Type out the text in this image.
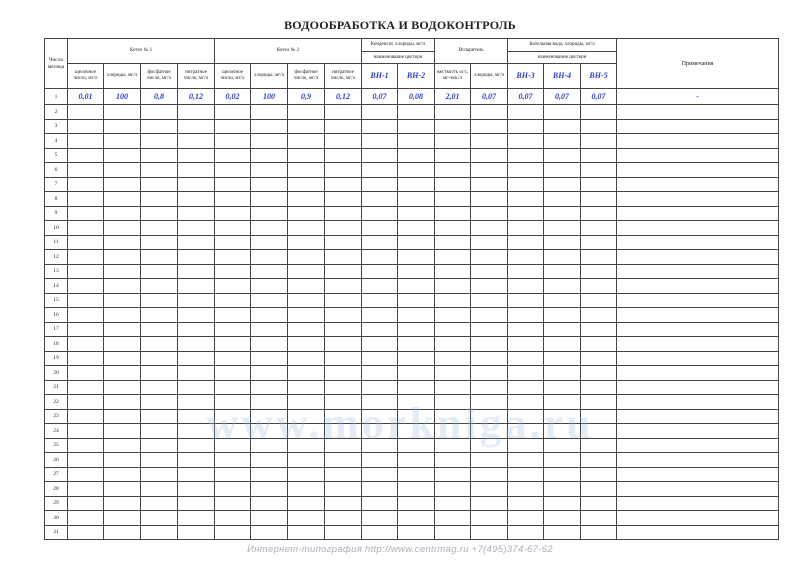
ВОДООБРАБОТКА И ВОДОКОНТРОЛЬ
Число месяца	Котел № 1				Котел № 2				Конденсат, хлориды, мг/л		Испаритель		Котельная вода, хлориды, мг/л			Примечания
									наименование цистерн				наименование цистерн			
	щелочное число, мг/л	хлориды, мг/л	фосфатное число, мг/л	нитратное число, мг/л	щелочное число, мг/л	хлориды, мг/л	фосфатное число, мг/л	нитратное число, мг/л	ВН-1	ВН-2	жесткость ост., мг-экв./л	хлориды, мг/л	ВН-3	ВН-4	ВН-5	
1	0,01	100	0,8	0,12	0,02	100	0,9	0,12	0,07	0,08	2,01	0,07	0,07	0,07	0,07	-
2																
3																
4																
5																
6																
7																
8																
9																
10																
11																
12																
13																
14																
15																
16																
17																
18																
19																
20																
21																
22																
23																
24																
25																
26																
27																
28																
29																
30																
31																
www.morkniga.ru
Интернет-типография http://www.centrmag.ru +7(495)374-67-62
